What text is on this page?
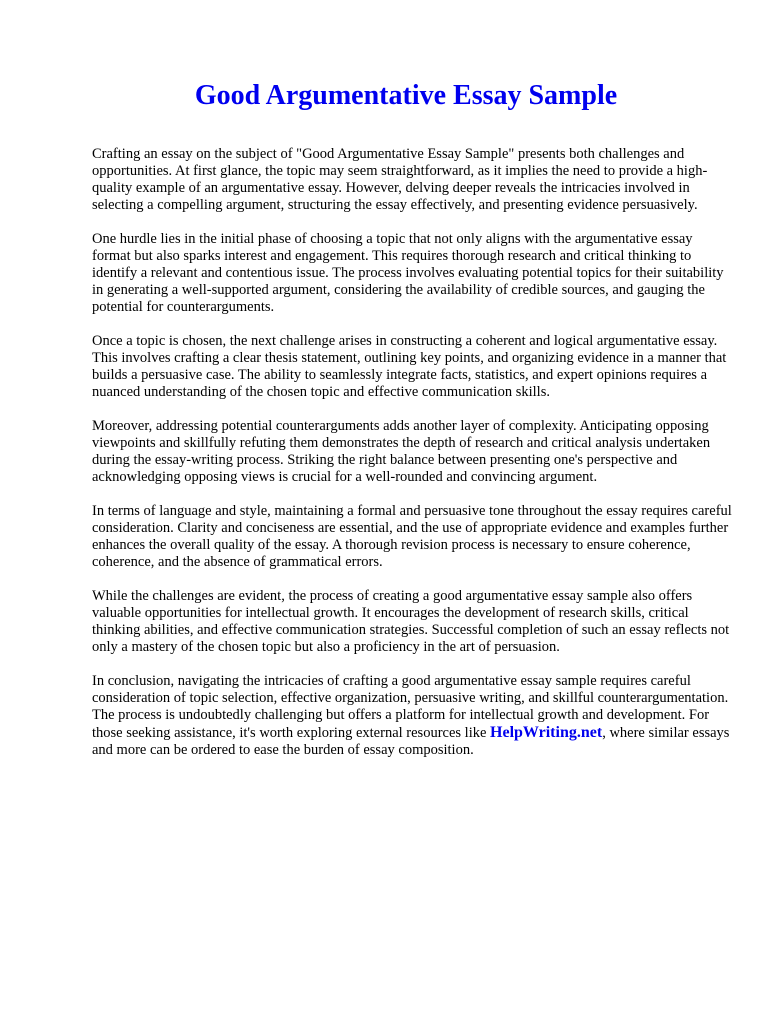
Good Argumentative Essay Sample

Crafting an essay on the subject of "Good Argumentative Essay Sample" presents both challenges and opportunities. At first glance, the topic may seem straightforward, as it implies the need to provide a high-quality example of an argumentative essay. However, delving deeper reveals the intricacies involved in selecting a compelling argument, structuring the essay effectively, and presenting evidence persuasively.

One hurdle lies in the initial phase of choosing a topic that not only aligns with the argumentative essay format but also sparks interest and engagement. This requires thorough research and critical thinking to identify a relevant and contentious issue. The process involves evaluating potential topics for their suitability in generating a well-supported argument, considering the availability of credible sources, and gauging the potential for counterarguments.

Once a topic is chosen, the next challenge arises in constructing a coherent and logical argumentative essay. This involves crafting a clear thesis statement, outlining key points, and organizing evidence in a manner that builds a persuasive case. The ability to seamlessly integrate facts, statistics, and expert opinions requires a nuanced understanding of the chosen topic and effective communication skills.

Moreover, addressing potential counterarguments adds another layer of complexity. Anticipating opposing viewpoints and skillfully refuting them demonstrates the depth of research and critical analysis undertaken during the essay-writing process. Striking the right balance between presenting one's perspective and acknowledging opposing views is crucial for a well-rounded and convincing argument.

In terms of language and style, maintaining a formal and persuasive tone throughout the essay requires careful consideration. Clarity and conciseness are essential, and the use of appropriate evidence and examples further enhances the overall quality of the essay. A thorough revision process is necessary to ensure coherence, coherence, and the absence of grammatical errors.

While the challenges are evident, the process of creating a good argumentative essay sample also offers valuable opportunities for intellectual growth. It encourages the development of research skills, critical thinking abilities, and effective communication strategies. Successful completion of such an essay reflects not only a mastery of the chosen topic but also a proficiency in the art of persuasion.

In conclusion, navigating the intricacies of crafting a good argumentative essay sample requires careful consideration of topic selection, effective organization, persuasive writing, and skillful counterargumentation. The process is undoubtedly challenging but offers a platform for intellectual growth and development. For those seeking assistance, it's worth exploring external resources like HelpWriting.net, where similar essays and more can be ordered to ease the burden of essay composition.
